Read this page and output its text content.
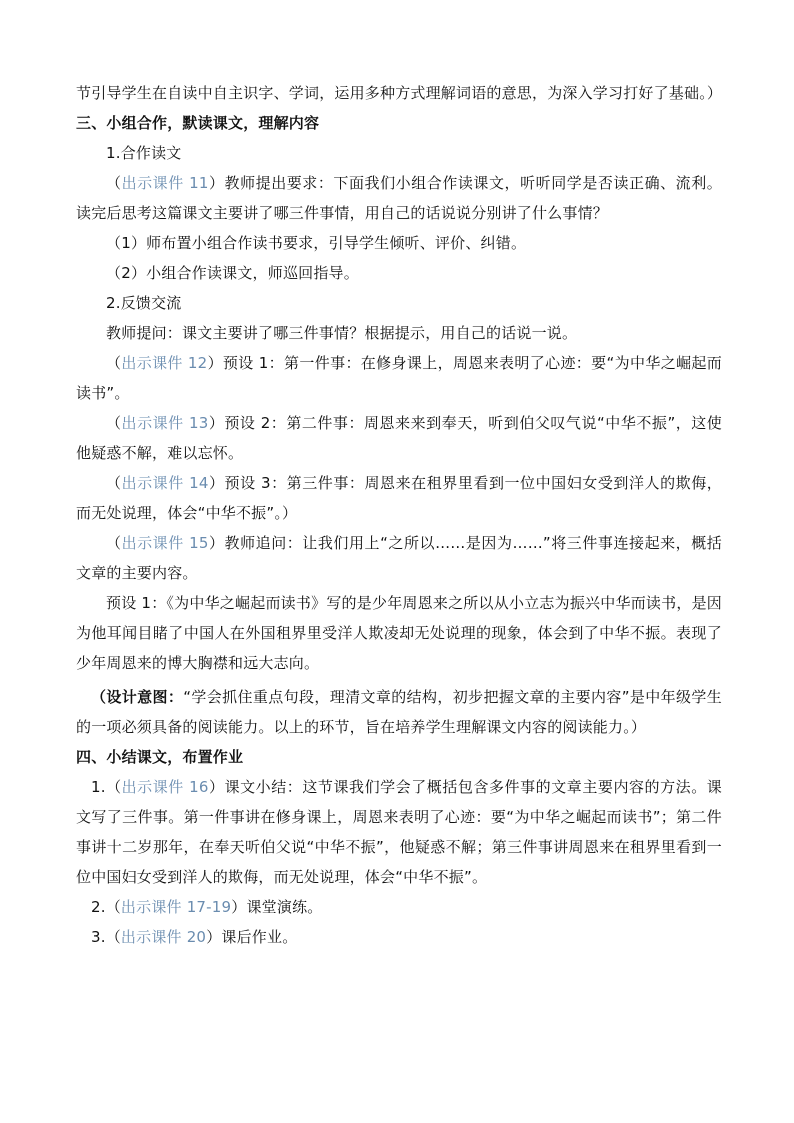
节引导学生在自读中自主识字、学词，运用多种方式理解词语的意思，为深入学习打好了基础。）

三、小组合作，默读课文，理解内容

1.合作读文

（出示课件 11）教师提出要求：下面我们小组合作读课文，听听同学是否读正确、流利。读完后思考这篇课文主要讲了哪三件事情，用自己的话说说分别讲了什么事情？

（1）师布置小组合作读书要求，引导学生倾听、评价、纠错。

（2）小组合作读课文，师巡回指导。

2.反馈交流

教师提问：课文主要讲了哪三件事情？根据提示，用自己的话说一说。

（出示课件 12）预设 1：第一件事：在修身课上，周恩来表明了心迹：要“为中华之崛起而读书”。

（出示课件 13）预设 2：第二件事：周恩来来到奉天，听到伯父叹气说“中华不振”，这使他疑惑不解，难以忘怀。

（出示课件 14）预设 3：第三件事：周恩来在租界里看到一位中国妇女受到洋人的欺侮，而无处说理，体会“中华不振”。）

（出示课件 15）教师追问：让我们用上“之所以……是因为……”将三件事连接起来，概括文章的主要内容。

预设 1：《为中华之崛起而读书》写的是少年周恩来之所以从小立志为振兴中华而读书，是因为他耳闻目睹了中国人在外国租界里受洋人欺凌却无处说理的现象，体会到了中华不振。表现了少年周恩来的博大胸襟和远大志向。

（设计意图：“学会抓住重点句段，理清文章的结构，初步把握文章的主要内容”是中年级学生的一项必须具备的阅读能力。以上的环节，旨在培养学生理解课文内容的阅读能力。）

四、小结课文，布置作业

1.（出示课件 16）课文小结：这节课我们学会了概括包含多件事的文章主要内容的方法。课文写了三件事。第一件事讲在修身课上，周恩来表明了心迹：要“为中华之崛起而读书”；第二件事讲十二岁那年，在奉天听伯父说“中华不振”，他疑惑不解；第三件事讲周恩来在租界里看到一位中国妇女受到洋人的欺侮，而无处说理，体会“中华不振”。

2.（出示课件 17-19）课堂演练。

3.（出示课件 20）课后作业。
